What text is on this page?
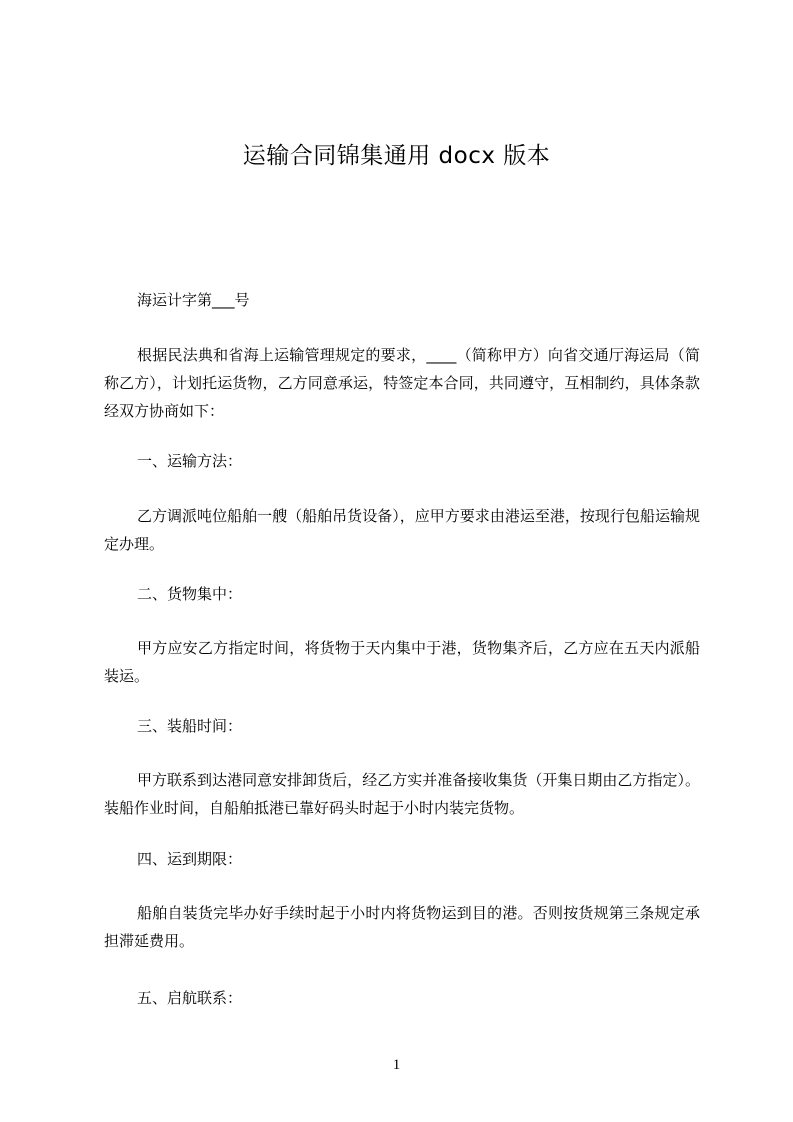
运输合同锦集通用 docx 版本

海运计字第___号

根据民法典和省海上运输管理规定的要求，____（简称甲方）向省交通厅海运局（简称乙方），计划托运货物，乙方同意承运，特签定本合同，共同遵守，互相制约，具体条款经双方协商如下：

一、运输方法：

乙方调派吨位船舶一艘（船舶吊货设备），应甲方要求由港运至港，按现行包船运输规定办理。

二、货物集中：

甲方应安乙方指定时间，将货物于天内集中于港，货物集齐后，乙方应在五天内派船装运。

三、装船时间：

甲方联系到达港同意安排卸货后，经乙方实并准备接收集货（开集日期由乙方指定）。装船作业时间，自船舶抵港已靠好码头时起于小时内装完货物。

四、运到期限：

船舶自装货完毕办好手续时起于小时内将货物运到目的港。否则按货规第三条规定承担滞延费用。

五、启航联系：

1
